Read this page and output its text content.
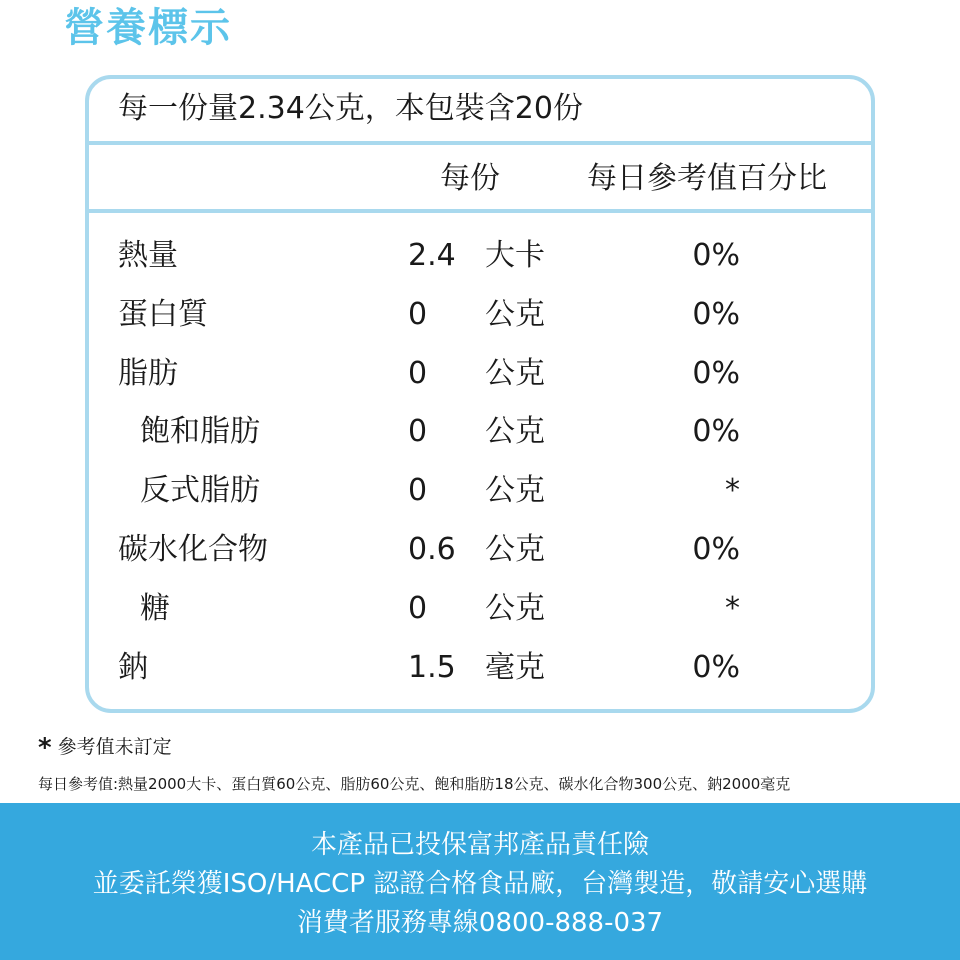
營養標示
每一份量2.34公克，本包裝含20份
每份	每日參考值百分比
熱量	2.4 大卡	0%
蛋白質	0 公克	0%
脂肪	0 公克	0%
飽和脂肪	0 公克	0%
反式脂肪	0 公克	*
碳水化合物	0.6 公克	0%
糖	0 公克	*
鈉	1.5 毫克	0%
* 參考值未訂定
每日參考值:熱量2000大卡、蛋白質60公克、脂肪60公克、飽和脂肪18公克、碳水化合物300公克、鈉2000毫克
本產品已投保富邦產品責任險
並委託榮獲ISO/HACCP 認證合格食品廠，台灣製造，敬請安心選購
消費者服務專線0800-888-037
